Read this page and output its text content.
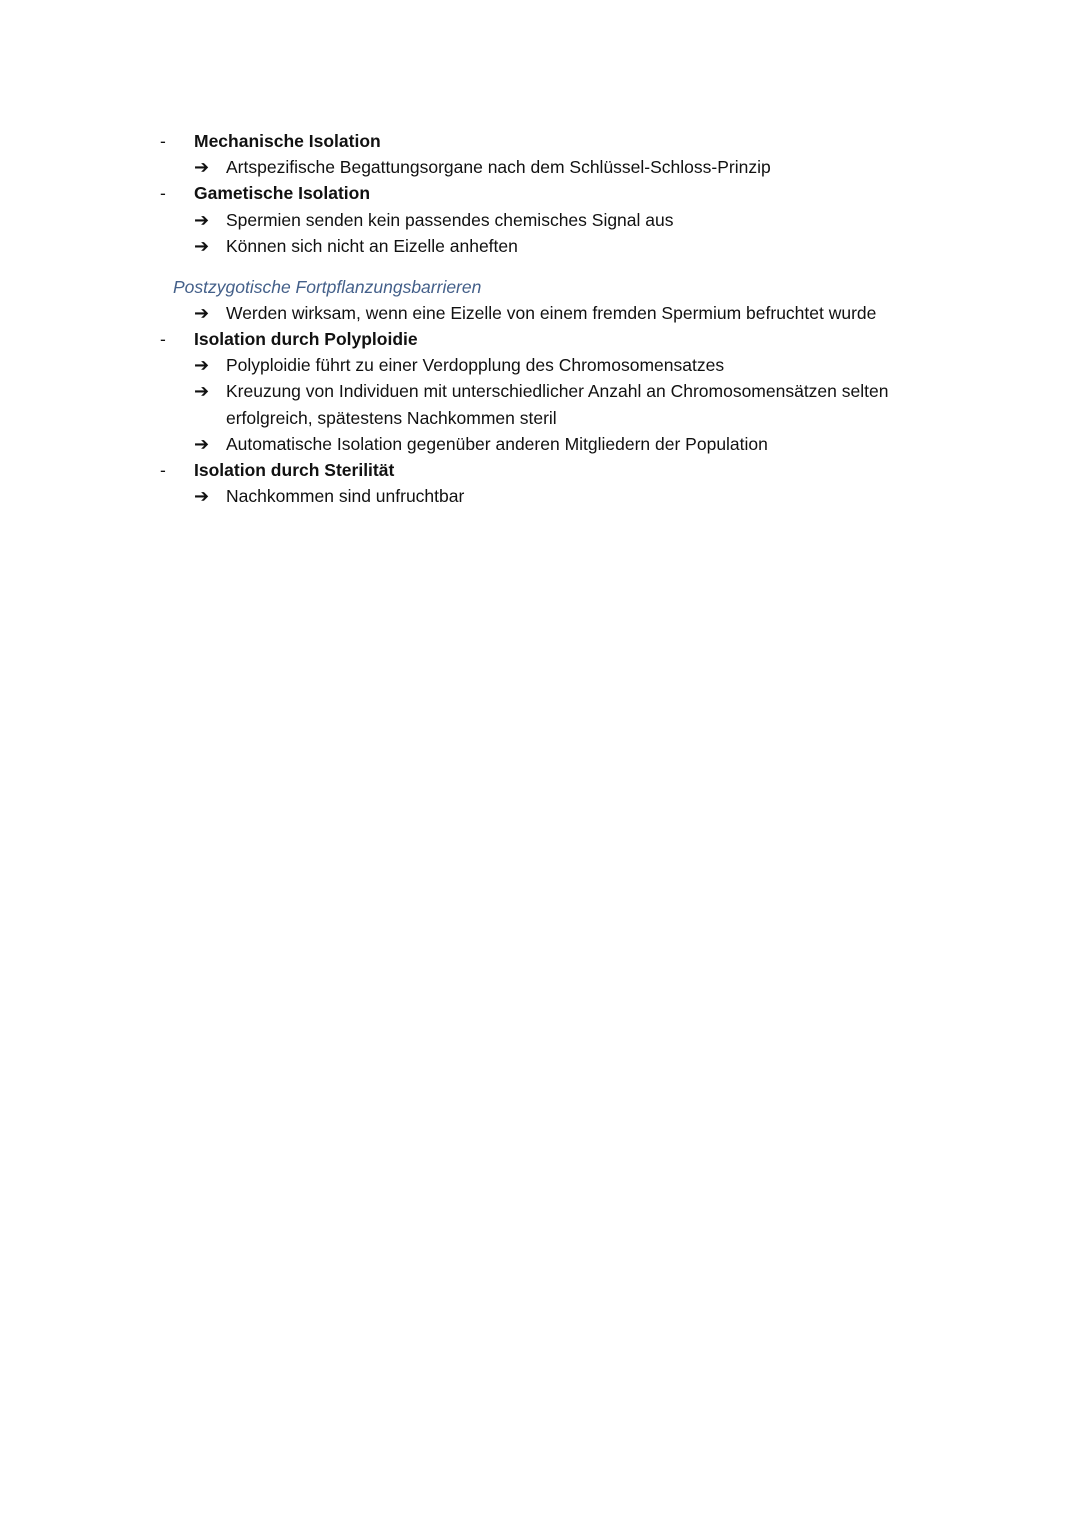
-	Mechanische Isolation
➔ Artspezifische Begattungsorgane nach dem Schlüssel-Schloss-Prinzip
-	Gametische Isolation
➔ Spermien senden kein passendes chemisches Signal aus
➔ Können sich nicht an Eizelle anheften
Postzygotische Fortpflanzungsbarrieren
➔ Werden wirksam, wenn eine Eizelle von einem fremden Spermium befruchtet wurde
-	Isolation durch Polyploidie
➔ Polyploidie führt zu einer Verdopplung des Chromosomensatzes
➔ Kreuzung von Individuen mit unterschiedlicher Anzahl an Chromosomensätzen selten
erfolgreich, spätestens Nachkommen steril
➔ Automatische Isolation gegenüber anderen Mitgliedern der Population
-	Isolation durch Sterilität
➔ Nachkommen sind unfruchtbar
